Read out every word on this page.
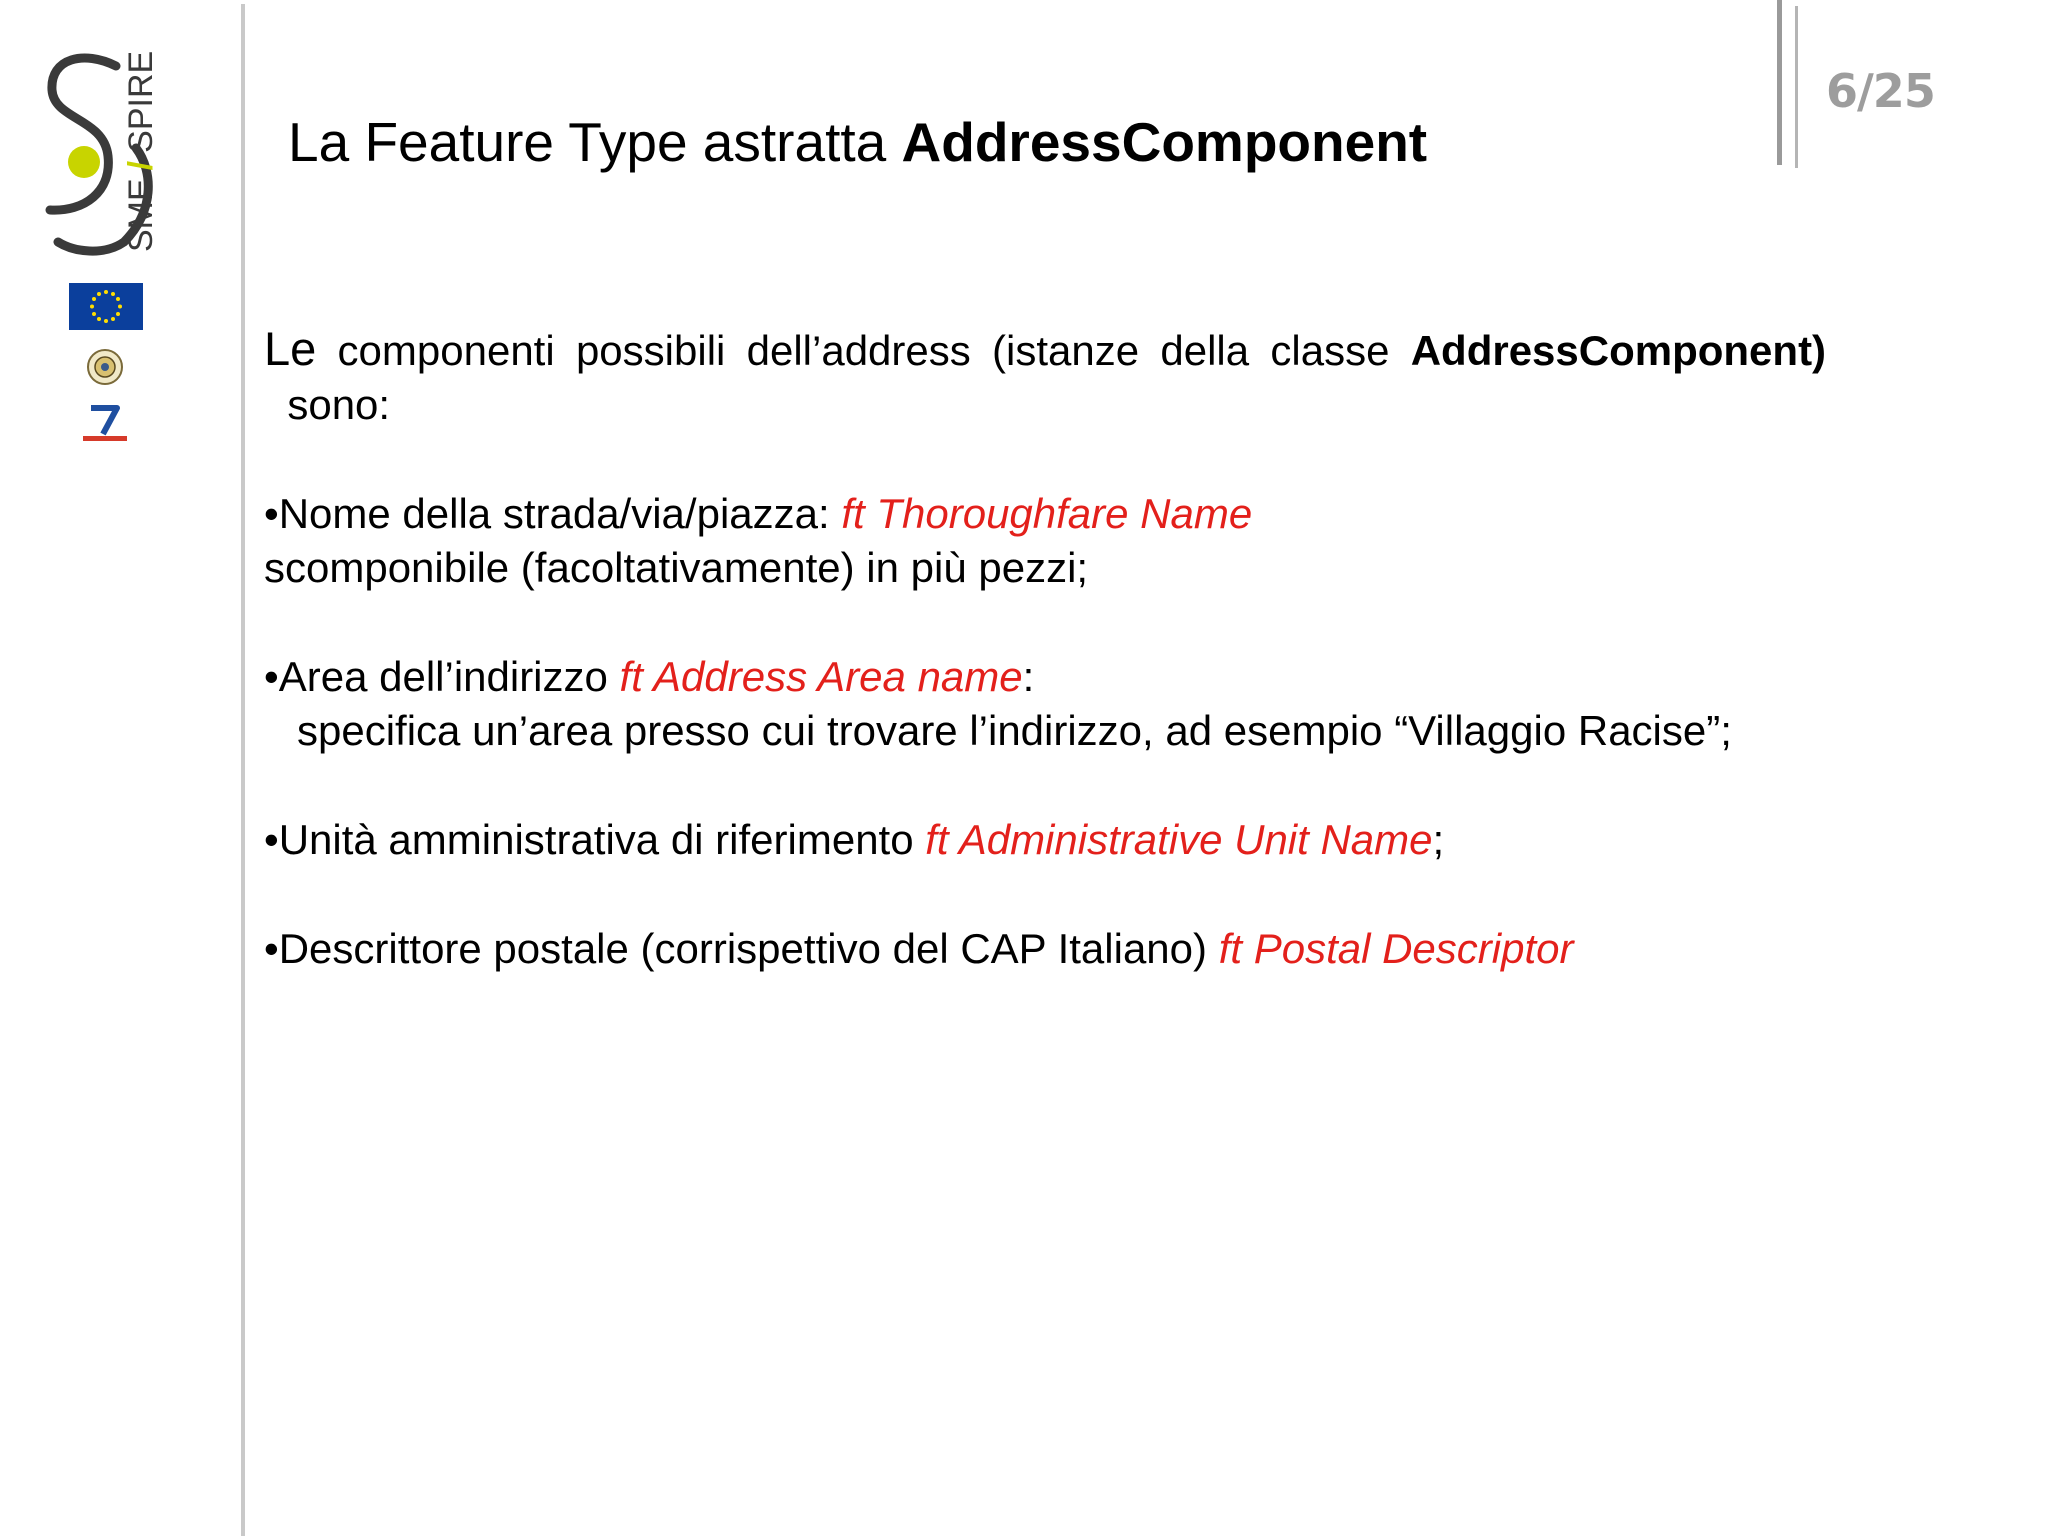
SME/SPIRE	6/25
La Feature Type astratta AddressComponent

Le componenti possibili dell’address (istanze della classe AddressComponent)  sono:

•Nome della strada/via/piazza: ft Thoroughfare Name
scomponibile (facoltativamente) in più pezzi;

•Area dell’indirizzo ft Address Area name:
specifica un’area presso cui trovare l’indirizzo, ad esempio “Villaggio Racise”;

•Unità amministrativa di riferimento ft Administrative Unit Name;

•Descrittore postale (corrispettivo del CAP Italiano) ft Postal Descriptor
